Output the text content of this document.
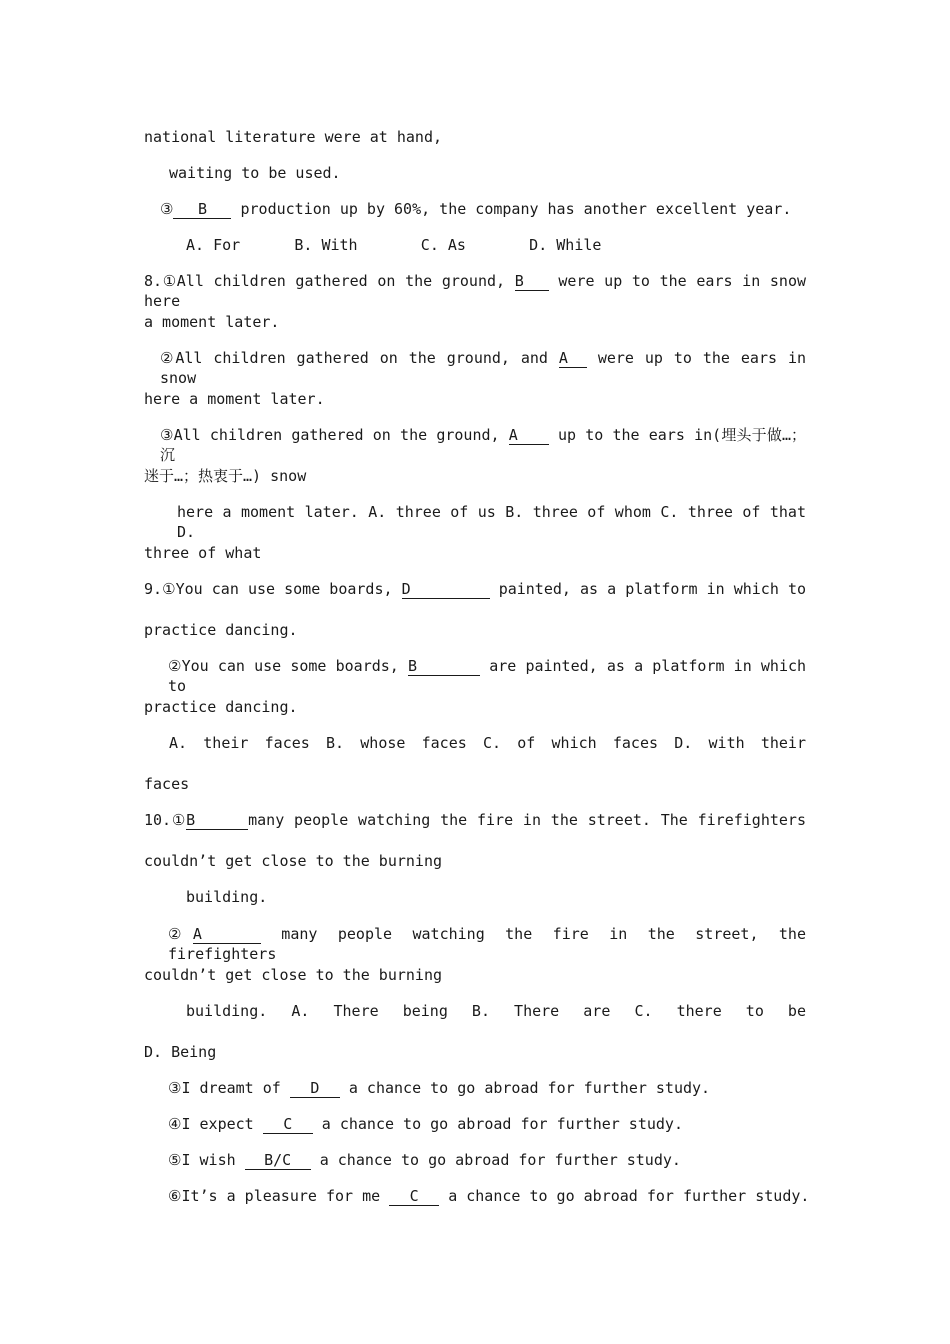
national literature were at hand,
waiting to be used.
③ B production up by 60%, the company has another excellent year.
A. For      B. With       C. As       D. While
8.①All children gathered on the ground, B were up to the ears in snow here
a moment later.
②All children gathered on the ground, and A were up to the ears in snow
here a moment later.
③All children gathered on the ground, A	up to the ears in(埋头于做…；沉
迷于…；热衷于…) snow
here a moment later. A. three of us B. three of whom C. three of that D.
three of what
9.①You can use some boards, D	painted, as a platform in which to
practice dancing.
②You can use some boards, B	are painted, as a platform in which to
practice dancing.
A. their faces B. whose faces C. of which faces D. with their
faces
10.①B	many people watching the fire in the street. The firefighters
couldn’t get close to the burning
building.
②A	many people watching the fire in the street, the firefighters
couldn’t get close to the burning
building. A. There being B. There are C. there to be
D. Being
③I dreamt of D a chance to go abroad for further study.
④I expect C a chance to go abroad for further study.
⑤I wish B/C a chance to go abroad for further study.
⑥It’s a pleasure for me C a chance to go abroad for further study.
